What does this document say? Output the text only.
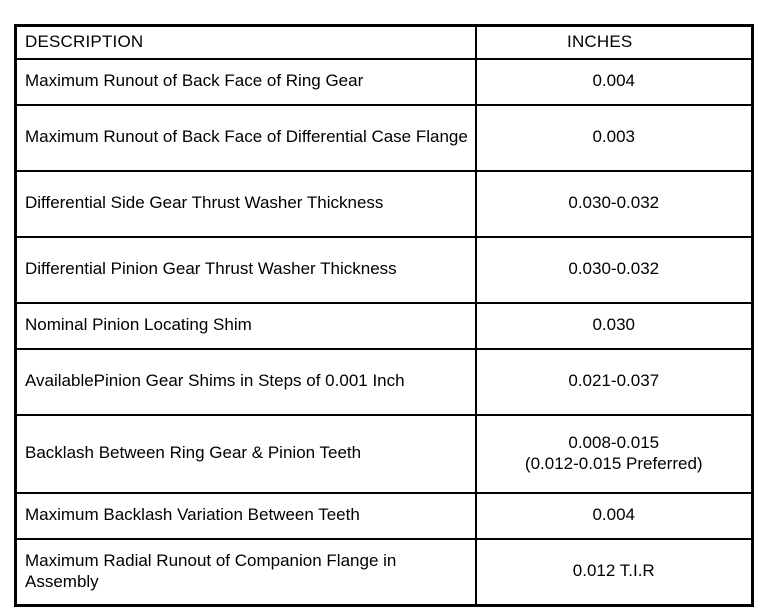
DESCRIPTION	INCHES
Maximum Runout of Back Face of Ring Gear	0.004
Maximum Runout of Back Face of Differential Case Flange	0.003
Differential Side Gear Thrust Washer Thickness	0.030-0.032
Differential Pinion Gear Thrust Washer Thickness	0.030-0.032
Nominal Pinion Locating Shim	0.030
AvailablePinion Gear Shims in Steps of 0.001 Inch	0.021-0.037
Backlash Between Ring Gear & Pinion Teeth	0.008-0.015
(0.012-0.015 Preferred)

Maximum Backlash Variation Between Teeth	0.004
Maximum Radial Runout of Companion Flange in Assembly	0.012 T.I.R
